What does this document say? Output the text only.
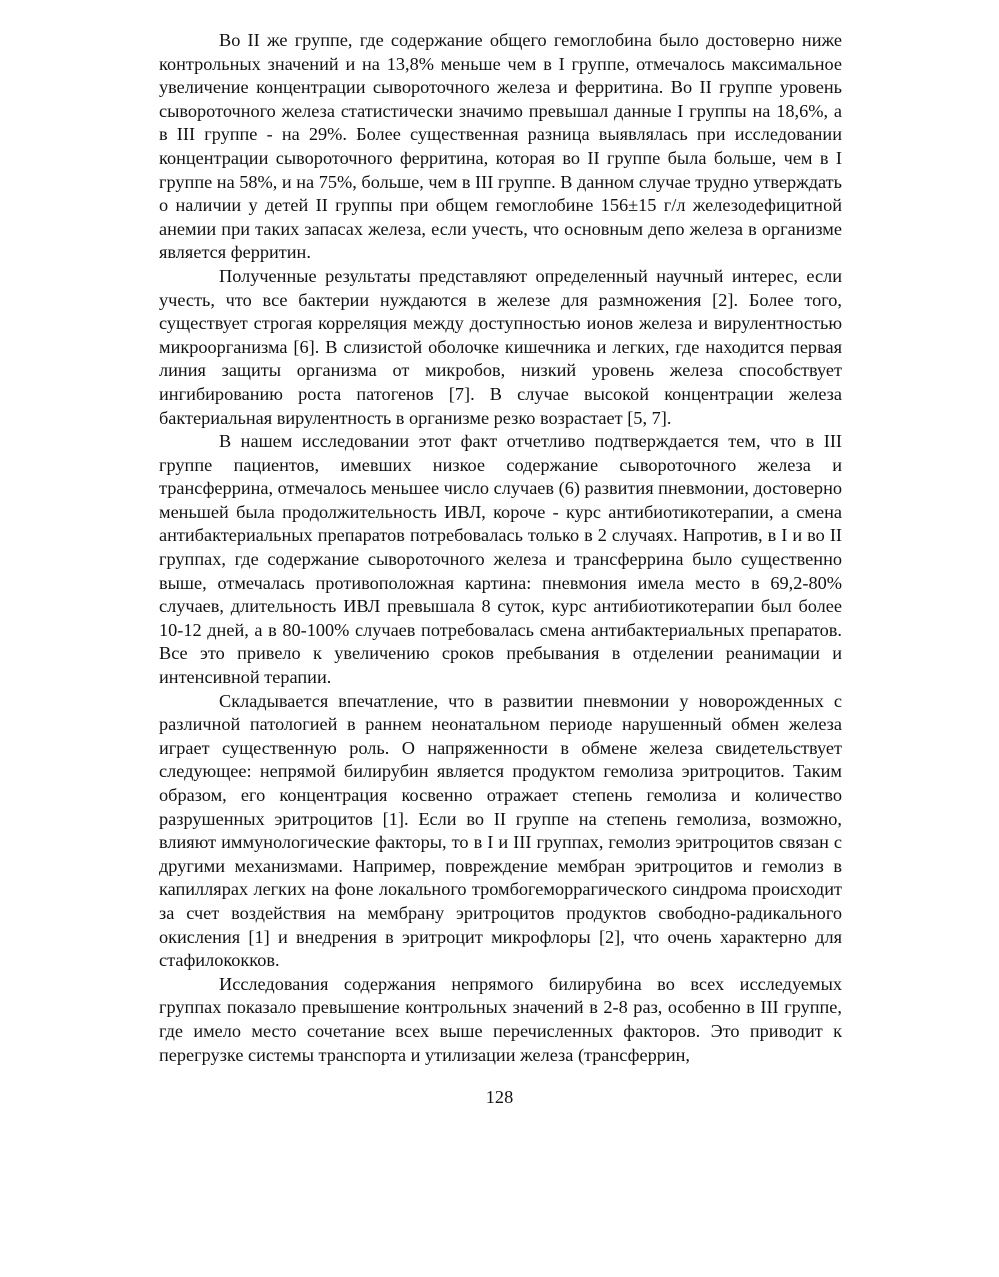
Во II же группе, где содержание общего гемоглобина было достоверно ниже контрольных значений и на 13,8% меньше чем в I группе, отмечалось максимальное увеличение концентрации сывороточного железа и ферритина. Во II группе уровень сывороточного железа статистически значимо превышал данные I группы на 18,6%, а в III группе - на 29%. Более существенная разница выявлялась при исследовании концентрации сывороточного ферритина, которая во II группе была больше, чем в I группе на 58%, и на 75%, больше, чем в III группе. В данном случае трудно утверждать о наличии у детей II группы при общем гемоглобине 156±15 г/л железодефицитной анемии при таких запасах железа, если учесть, что основным депо железа в организме является ферритин.

Полученные результаты представляют определенный научный интерес, если учесть, что все бактерии нуждаются в железе для размножения [2]. Более того, существует строгая корреляция между доступностью ионов железа и вирулентностью микроорганизма [6]. В слизистой оболочке кишечника и легких, где находится первая линия защиты организма от микробов, низкий уровень железа способствует ингибированию роста патогенов [7]. В случае высокой концентрации железа бактериальная вирулентность в организме резко возрастает [5, 7].

В нашем исследовании этот факт отчетливо подтверждается тем, что в III группе пациентов, имевших низкое содержание сывороточного железа и трансферрина, отмечалось меньшее число случаев (6) развития пневмонии, достоверно меньшей была продолжительность ИВЛ, короче - курс антибиотикотерапии, а смена антибактериальных препаратов потребовалась только в 2 случаях. Напротив, в I и во II группах, где содержание сывороточного железа и трансферрина было существенно выше, отмечалась противоположная картина: пневмония имела место в 69,2-80% случаев, длительность ИВЛ превышала 8 суток, курс антибиотикотерапии был более 10-12 дней, а в 80-100% случаев потребовалась смена антибактериальных препаратов. Все это привело к увеличению сроков пребывания в отделении реанимации и интенсивной терапии.

Складывается впечатление, что в развитии пневмонии у новорожденных с различной патологией в раннем неонатальном периоде нарушенный обмен железа играет существенную роль. О напряженности в обмене железа свидетельствует следующее: непрямой билирубин является продуктом гемолиза эритроцитов. Таким образом, его концентрация косвенно отражает степень гемолиза и количество разрушенных эритроцитов [1]. Если во II группе на степень гемолиза, возможно, влияют иммунологические факторы, то в I и III группах, гемолиз эритроцитов связан с другими механизмами. Например, повреждение мембран эритроцитов и гемолиз в капиллярах легких на фоне локального тромбогеморрагического синдрома происходит за счет воздействия на мембрану эритроцитов продуктов свободно-радикального окисления [1] и внедрения в эритроцит микрофлоры [2], что очень характерно для стафилококков.

Исследования содержания непрямого билирубина во всех исследуемых группах показало превышение контрольных значений в 2-8 раз, особенно в III группе, где имело место сочетание всех выше перечисленных факторов. Это приводит к перегрузке системы транспорта и утилизации железа (трансферрин,

128
